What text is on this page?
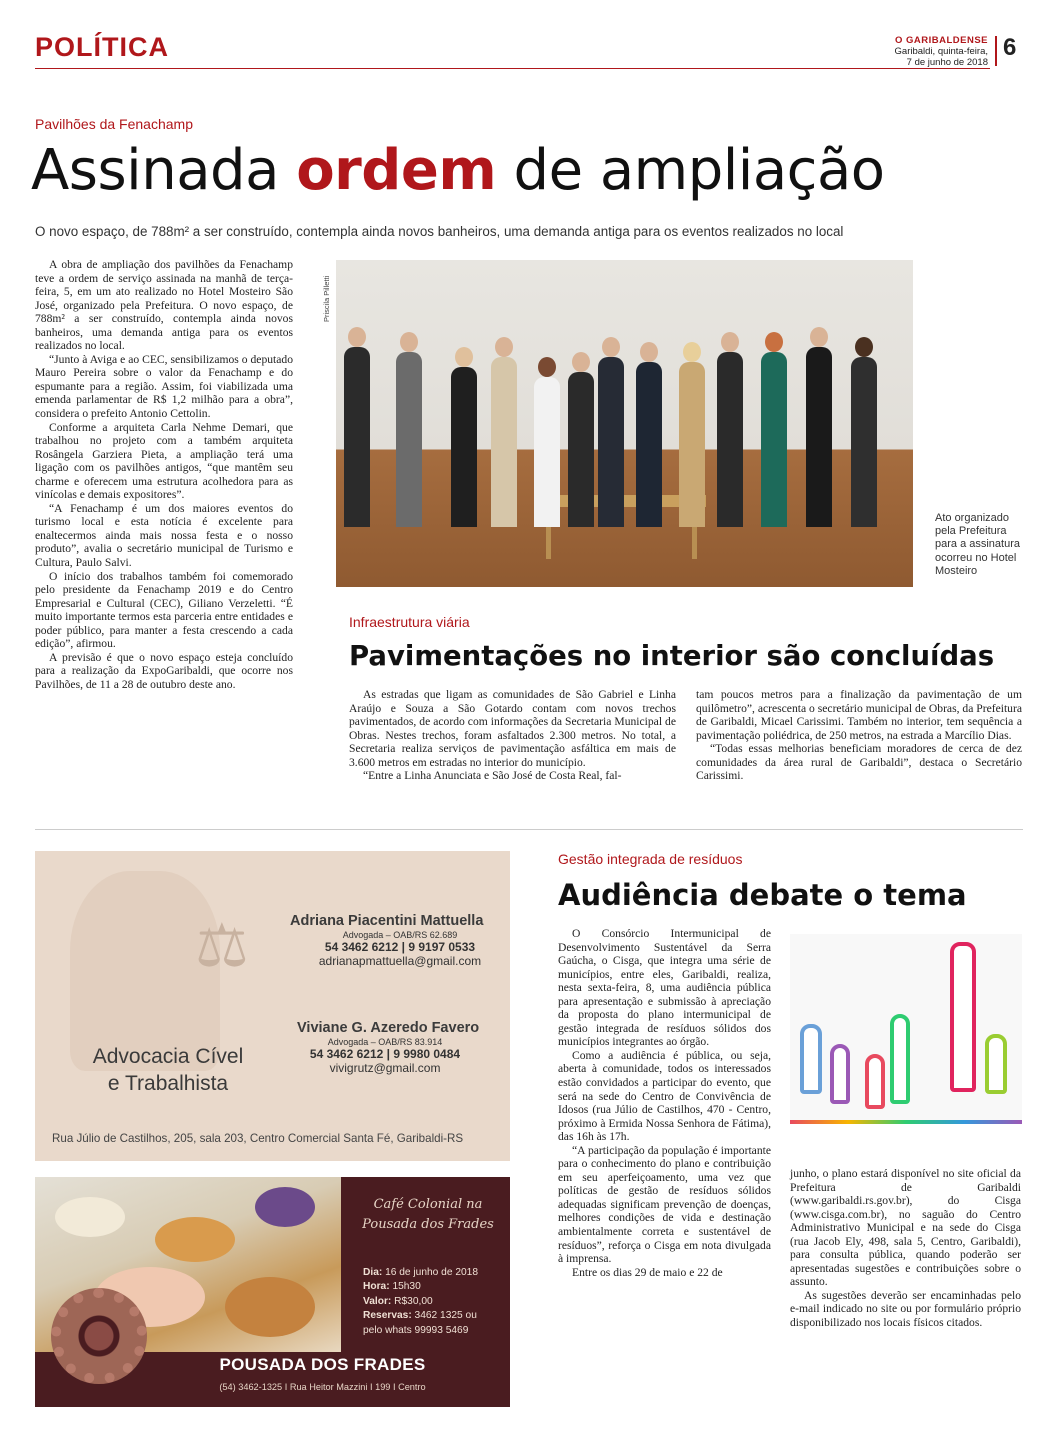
POLÍTICA	O GARIBALDENSE
Garibaldi, quinta-feira,
7 de junho de 2018
6
Pavilhões da Fenachamp
Assinada ordem de ampliação
O novo espaço, de 788m² a ser construído, contempla ainda novos banheiros, uma demanda antiga para os eventos realizados no local

A obra de ampliação dos pavilhões da Fenachamp teve a ordem de serviço assinada na manhã de terça-feira, 5, em um ato realizado no Hotel Mosteiro São José, organizado pela Prefeitura. O novo espaço, de 788m² a ser construído, contempla ainda novos banheiros, uma demanda antiga para os eventos realizados no local.

“Junto à Aviga e ao CEC, sensibilizamos o deputado Mauro Pereira sobre o valor da Fenachamp e do espumante para a região. Assim, foi viabilizada uma emenda parlamentar de R$ 1,2 milhão para a obra”, considera o prefeito Antonio Cettolin.

Conforme a arquiteta Carla Nehme Demari, que trabalhou no projeto com a também arquiteta Rosângela Garziera Pieta, a ampliação terá uma ligação com os pavilhões antigos, “que mantêm seu charme e oferecem uma estrutura acolhedora para as vinícolas e demais expositores”.

“A Fenachamp é um dos maiores eventos do turismo local e esta notícia é excelente para enaltecermos ainda mais nossa festa e o nosso produto”, avalia o secretário municipal de Turismo e Cultura, Paulo Salvi.

O início dos trabalhos também foi comemorado pelo presidente da Fenachamp 2019 e do Centro Empresarial e Cultural (CEC), Giliano Verzeletti. “É muito importante termos esta parceria entre entidades e poder público, para manter a festa crescendo a cada edição”, afirmou.

A previsão é que o novo espaço esteja concluído para a realização da ExpoGaribaldi, que ocorre nos Pavilhões, de 11 a 28 de outubro deste ano.

Priscila Pilletti
Ato organizado pela Prefeitura para a assinatura ocorreu no Hotel Mosteiro
Infraestrutura viária
Pavimentações no interior são concluídas

As estradas que ligam as comunidades de São Gabriel e Linha Araújo e Souza a São Gotardo contam com novos trechos pavimentados, de acordo com informações da Secretaria Municipal de Obras. Nestes trechos, foram asfaltados 2.300 metros. No total, a Secretaria realiza serviços de pavimentação asfáltica em mais de 3.600 metros em estradas no interior do município.

“Entre a Linha Anunciata e São José de Costa Real, fal-

tam poucos metros para a finalização da pavimentação de um quilômetro”, acrescenta o secretário municipal de Obras, da Prefeitura de Garibaldi, Micael Carissimi. Também no interior, tem sequência a pavimentação poliédrica, de 250 metros, na estrada a Marcílio Dias.

“Todas essas melhorias beneficiam moradores de cerca de dez comunidades da área rural de Garibaldi”, destaca o Secretário Carissimi.

⚖	Adriana Piacentini Mattuella
Advogada – OAB/RS 62.689
54 3462 6212 | 9 9197 0533
adrianapmattuella@gmail.com
Viviane G. Azeredo Favero
Advogada – OAB/RS 83.914
54 3462 6212 | 9 9980 0484
vivigrutz@gmail.com
Advocacia Cível
e Trabalhista
Rua Júlio de Castilhos, 205, sala 203, Centro Comercial Santa Fé, Garibaldi-RS
Café Colonial na
Pousada dos Frades
Dia: 16 de junho de 2018
Hora: 15h30
Valor: R$30,00
Reservas: 3462 1325 ou
pelo whats 99993 5469
POUSADA DOS FRADES
(54) 3462-1325 I Rua Heitor Mazzini I 199 I Centro
Gestão integrada de resíduos
Audiência debate o tema

O Consórcio Intermunicipal de Desenvolvimento Sustentável da Serra Gaúcha, o Cisga, que integra uma série de municípios, entre eles, Garibaldi, realiza, nesta sexta-feira, 8, uma audiência pública para apresentação e submissão à apreciação da proposta do plano intermunicipal de gestão integrada de resíduos sólidos dos municípios integrantes ao órgão.

Como a audiência é pública, ou seja, aberta à comunidade, todos os interessados estão convidados a participar do evento, que será na sede do Centro de Convivência de Idosos (rua Júlio de Castilhos, 470 - Centro, próximo à Ermida Nossa Senhora de Fátima), das 16h às 17h.

“A participação da população é importante para o conhecimento do plano e contribuição em seu aperfeiçoamento, uma vez que políticas de gestão de resíduos sólidos adequadas significam prevenção de doenças, melhores condições de vida e destinação ambientalmente correta e sustentável de resíduos”, reforça o Cisga em nota divulgada à imprensa.

Entre os dias 29 de maio e 22 de

junho, o plano estará disponível no site oficial da Prefeitura de Garibaldi (www.garibaldi.rs.gov.br), do Cisga (www.cisga.com.br), no saguão do Centro Administrativo Municipal e na sede do Cisga (rua Jacob Ely, 498, sala 5, Centro, Garibaldi), para consulta pública, quando poderão ser apresentadas sugestões e contribuições sobre o assunto.

As sugestões deverão ser encaminhadas pelo e-mail indicado no site ou por formulário próprio disponibilizado nos locais físicos citados.
